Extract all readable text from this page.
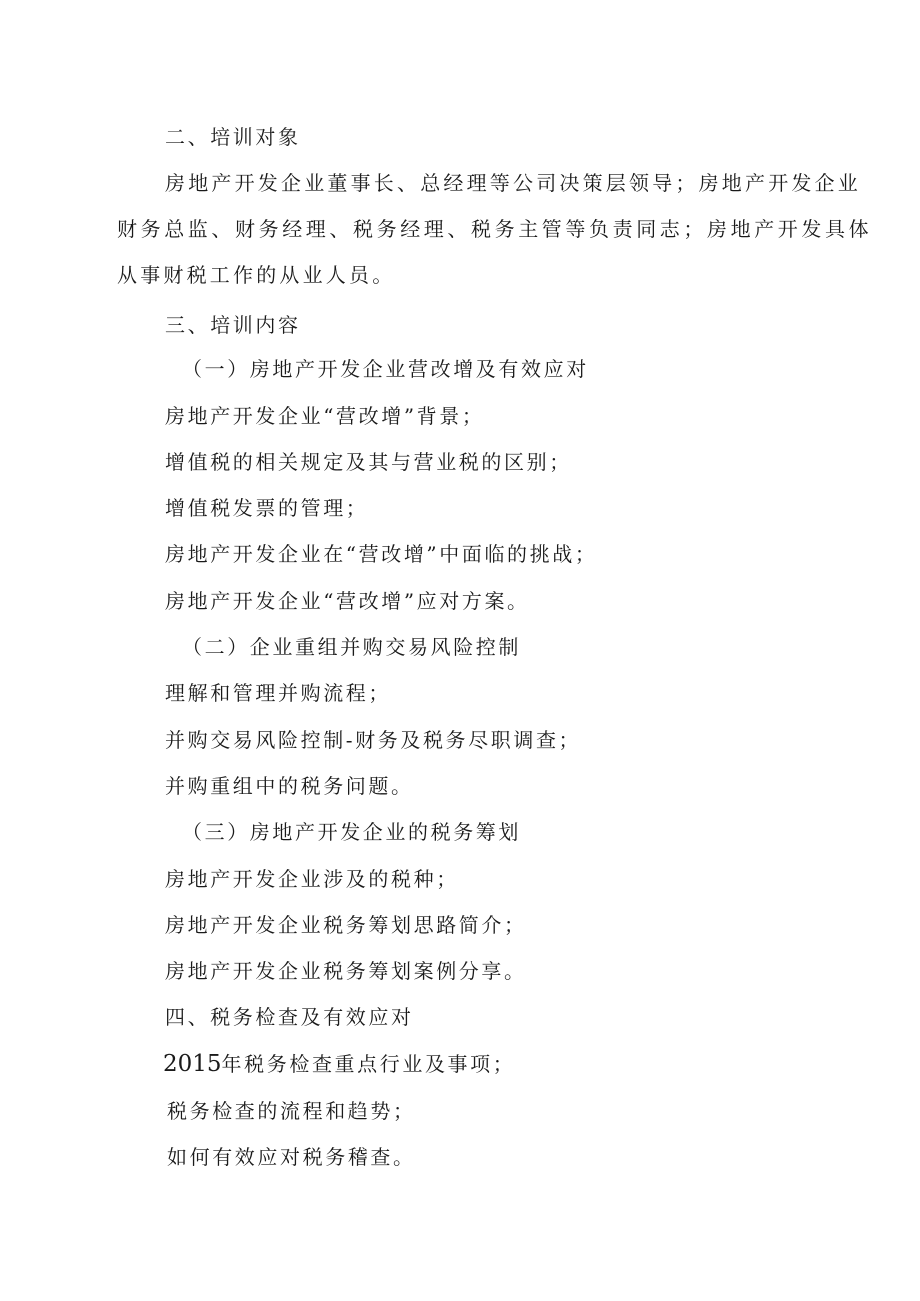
二、培训对象
房地产开发企业董事长、总经理等公司决策层领导；房地产开发企业
财务总监、财务经理、税务经理、税务主管等负责同志；房地产开发具体
从事财税工作的从业人员。
三、培训内容
（一）房地产开发企业营改增及有效应对
房地产开发企业“营改增”背景；
增值税的相关规定及其与营业税的区别；
增值税发票的管理；
房地产开发企业在“营改增”中面临的挑战；
房地产开发企业“营改增”应对方案。
（二）企业重组并购交易风险控制
理解和管理并购流程；
并购交易风险控制-财务及税务尽职调查；
并购重组中的税务问题。
（三）房地产开发企业的税务筹划
房地产开发企业涉及的税种；
房地产开发企业税务筹划思路简介；
房地产开发企业税务筹划案例分享。
四、税务检查及有效应对
2015年税务检查重点行业及事项；
税务检查的流程和趋势；
如何有效应对税务稽查。
